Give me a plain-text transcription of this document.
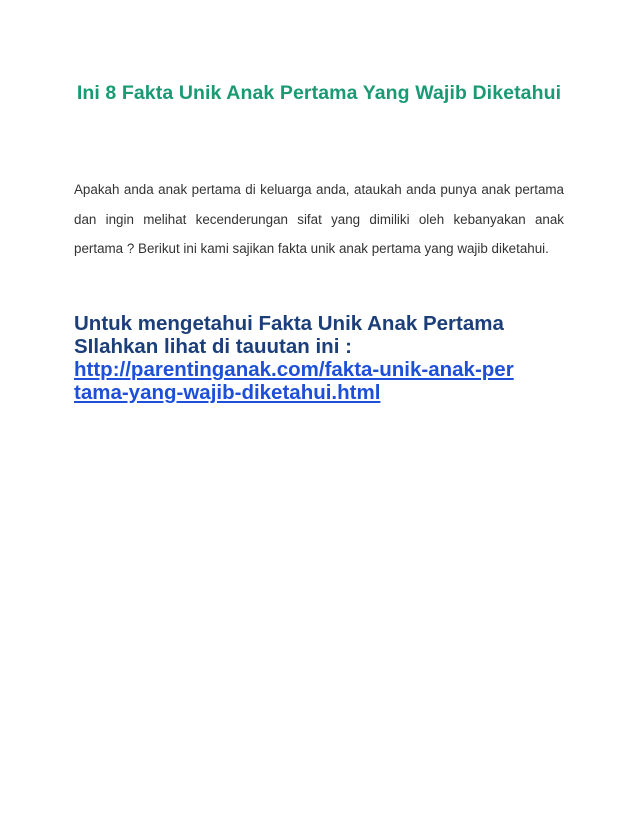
Ini 8 Fakta Unik Anak Pertama Yang Wajib Diketahui

Apakah anda anak pertama di keluarga anda, ataukah anda punya anak pertama dan ingin melihat kecenderungan sifat yang dimiliki oleh kebanyakan anak pertama ? Berikut ini kami sajikan fakta unik anak pertama yang wajib diketahui.

Untuk mengetahui Fakta Unik Anak Pertama
SIlahkan lihat di tauutan ini :
http://parentinganak.com/fakta-unik-anak-pertama-yang-wajib-diketahui.html
